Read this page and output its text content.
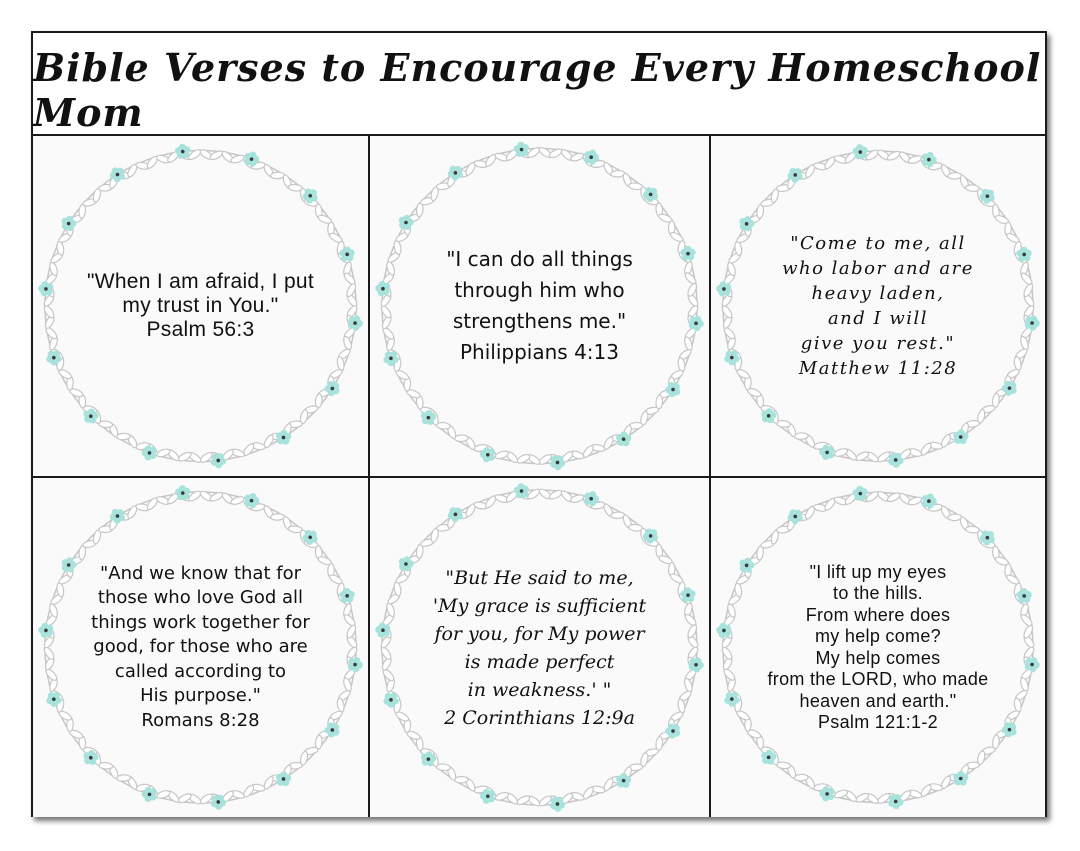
Bible Verses to Encourage Every Homeschool Mom

"When I am afraid, I put
my trust in You."
Psalm 56:3

"I can do all things
through him who
strengthens me."
Philippians 4:13

"Come to me, all
who labor and are
heavy laden,
and I will
give you rest."
Matthew 11:28

"And we know that for
those who love God all
things work together for
good, for those who are
called according to
His purpose."
Romans 8:28

"But He said to me,
'My grace is sufficient
for you, for My power
is made perfect
in weakness.' "
2 Corinthians 12:9a

"I lift up my eyes
to the hills.
From where does
my help come?
My help comes
from the LORD, who made
heaven and earth."
Psalm 121:1-2
